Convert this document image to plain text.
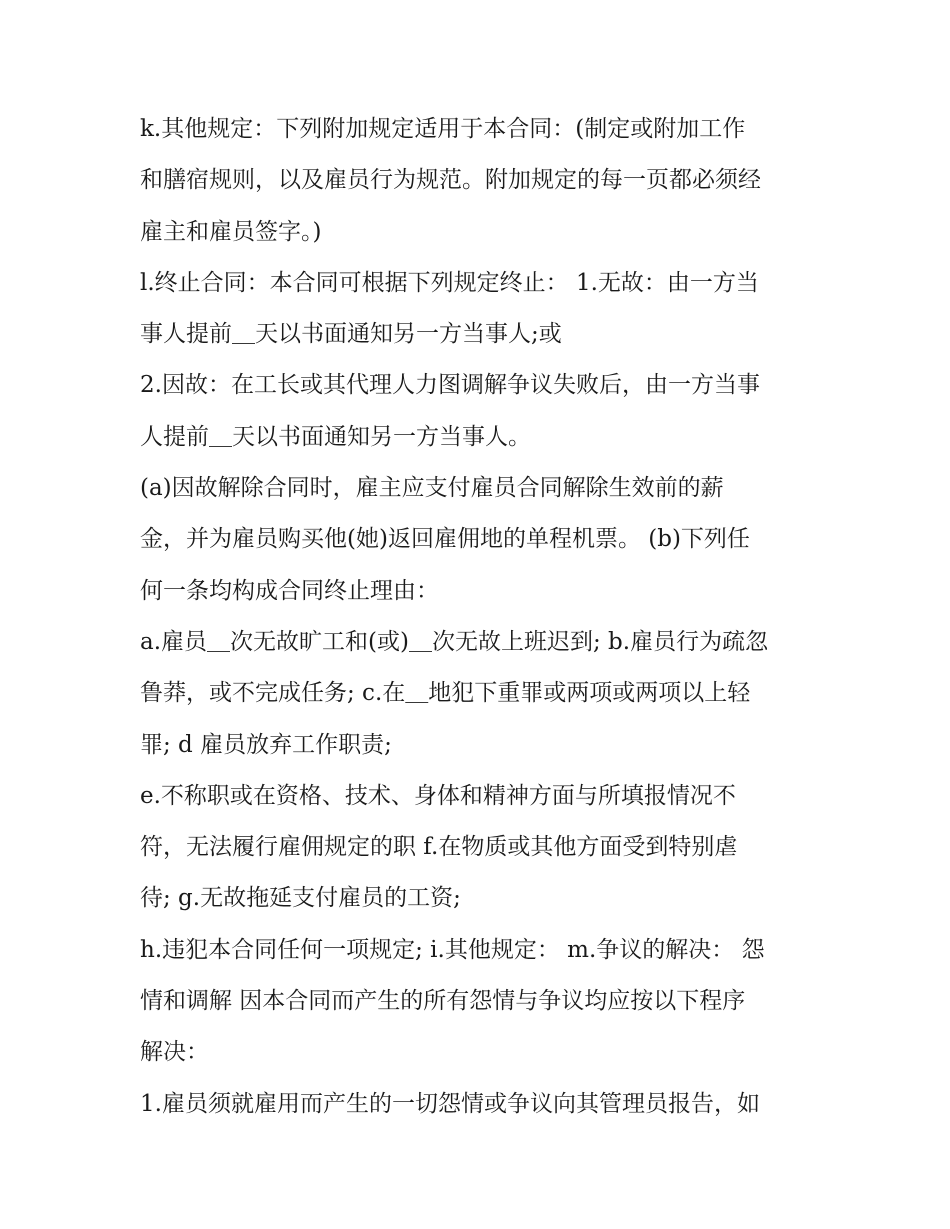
k.其他规定：下列附加规定适用于本合同：(制定或附加工作
和膳宿规则，以及雇员行为规范。附加规定的每一页都必须经
雇主和雇员签字。)

l.终止合同：本合同可根据下列规定终止： 1.无故：由一方当
事人提前＿天以书面通知另一方当事人;或

2.因故：在工长或其代理人力图调解争议失败后，由一方当事
人提前＿天以书面通知另一方当事人。

(a)因故解除合同时，雇主应支付雇员合同解除生效前的薪
金，并为雇员购买他(她)返回雇佣地的单程机票。 (b)下列任
何一条均构成合同终止理由：

a.雇员＿次无故旷工和(或)＿次无故上班迟到; b.雇员行为疏忽
鲁莽，或不完成任务; c.在＿地犯下重罪或两项或两项以上轻
罪; d 雇员放弃工作职责;

e.不称职或在资格、技术、身体和精神方面与所填报情况不
符，无法履行雇佣规定的职 f.在物质或其他方面受到特别虐
待; g.无故拖延支付雇员的工资;

h.违犯本合同任何一项规定; i.其他规定： m.争议的解决： 怨
情和调解 因本合同而产生的所有怨情与争议均应按以下程序
解决：

1.雇员须就雇用而产生的一切怨情或争议向其管理员报告，如
